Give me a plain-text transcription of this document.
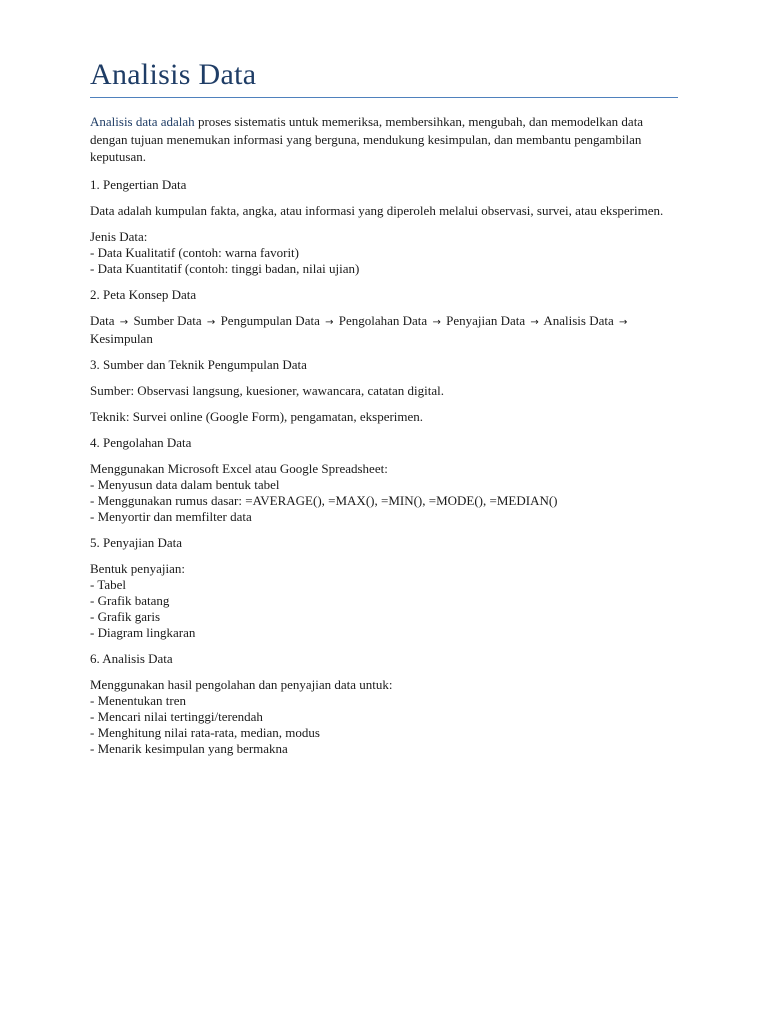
Analisis Data

Analisis data adalah proses sistematis untuk memeriksa, membersihkan, mengubah, dan memodelkan data dengan tujuan menemukan informasi yang berguna, mendukung kesimpulan, dan membantu pengambilan keputusan.

1. Pengertian Data

Data adalah kumpulan fakta, angka, atau informasi yang diperoleh melalui observasi, survei, atau eksperimen.

Jenis Data:
- Data Kualitatif (contoh: warna favorit)
- Data Kuantitatif (contoh: tinggi badan, nilai ujian)

2. Peta Konsep Data

Data → Sumber Data → Pengumpulan Data → Pengolahan Data → Penyajian Data → Analisis Data → Kesimpulan

3. Sumber dan Teknik Pengumpulan Data

Sumber: Observasi langsung, kuesioner, wawancara, catatan digital.

Teknik: Survei online (Google Form), pengamatan, eksperimen.

4. Pengolahan Data

Menggunakan Microsoft Excel atau Google Spreadsheet:
- Menyusun data dalam bentuk tabel
- Menggunakan rumus dasar: =AVERAGE(), =MAX(), =MIN(), =MODE(), =MEDIAN()
- Menyortir dan memfilter data

5. Penyajian Data

Bentuk penyajian:
- Tabel
- Grafik batang
- Grafik garis
- Diagram lingkaran

6. Analisis Data

Menggunakan hasil pengolahan dan penyajian data untuk:
- Menentukan tren
- Mencari nilai tertinggi/terendah
- Menghitung nilai rata-rata, median, modus
- Menarik kesimpulan yang bermakna
